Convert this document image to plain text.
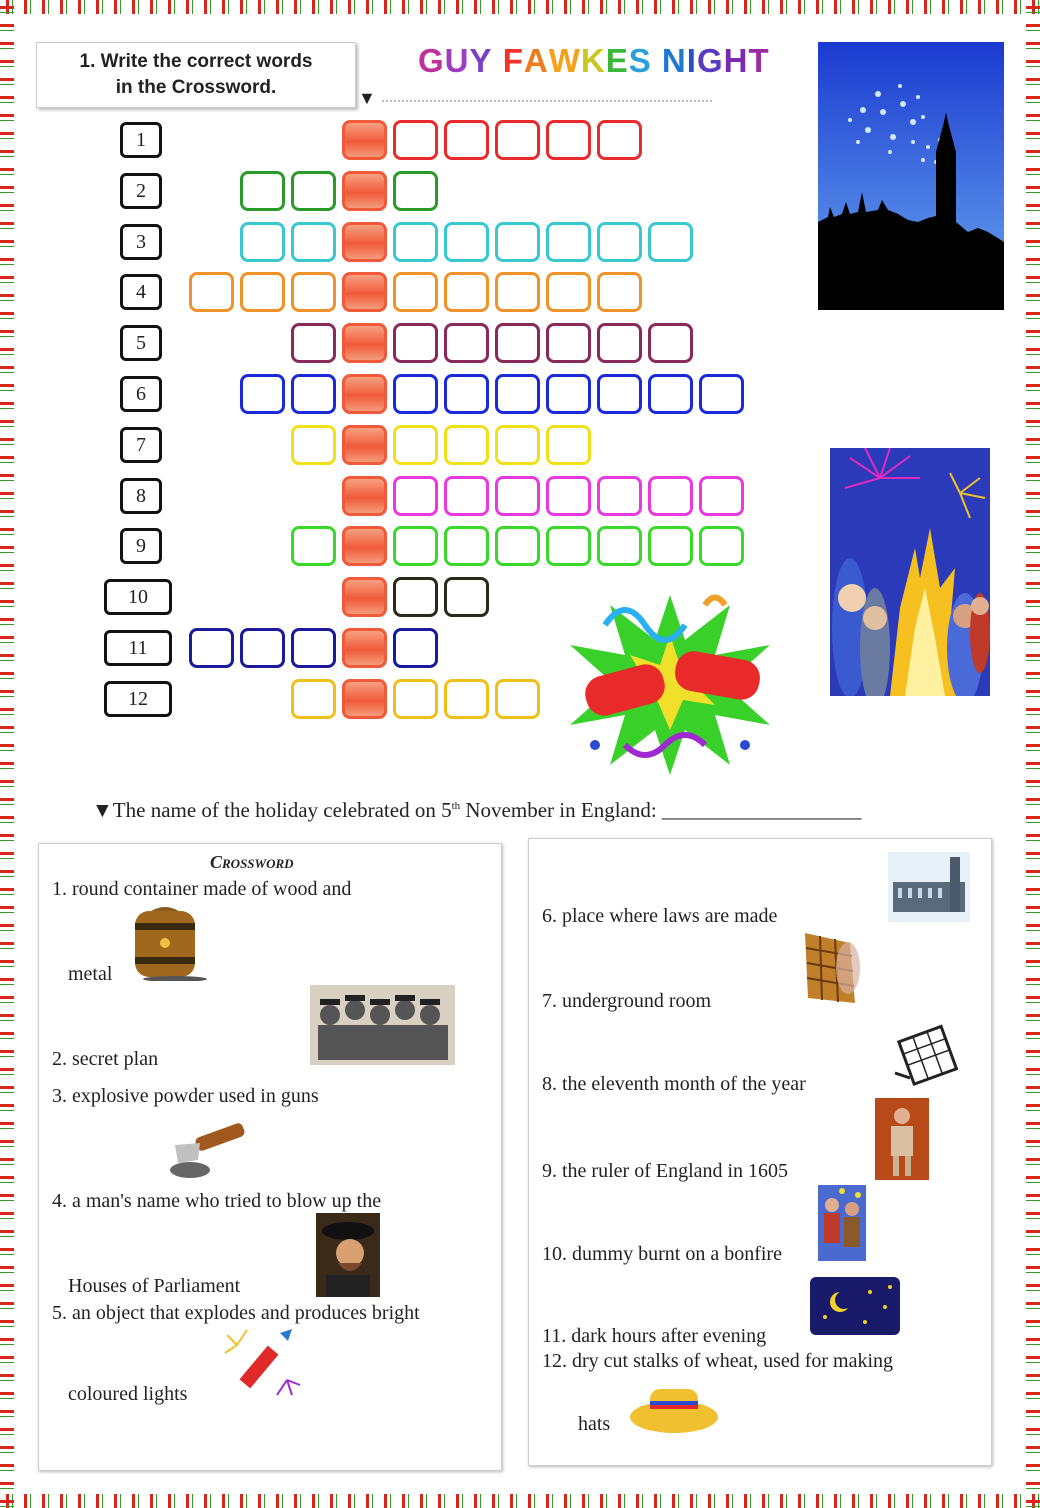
1. Write the correct words
in the Crossword.
GUY FAWKES NIGHT
▼
1
2
3
4
5
6
7
8
9
10
11
12
▼The name of the holiday celebrated on 5th November in England: ___________________
Crossword
1. round container made of wood and
metal
2. secret plan
3. explosive powder used in guns
4. a man's name who tried to blow up the
Houses of Parliament
5. an object that explodes and produces bright
coloured lights
6. place where laws are made
7. underground room
8. the eleventh month of the year
9. the ruler of England in 1605
10. dummy burnt on a bonfire
11. dark hours after evening
12. dry cut stalks of wheat, used for making
hats
